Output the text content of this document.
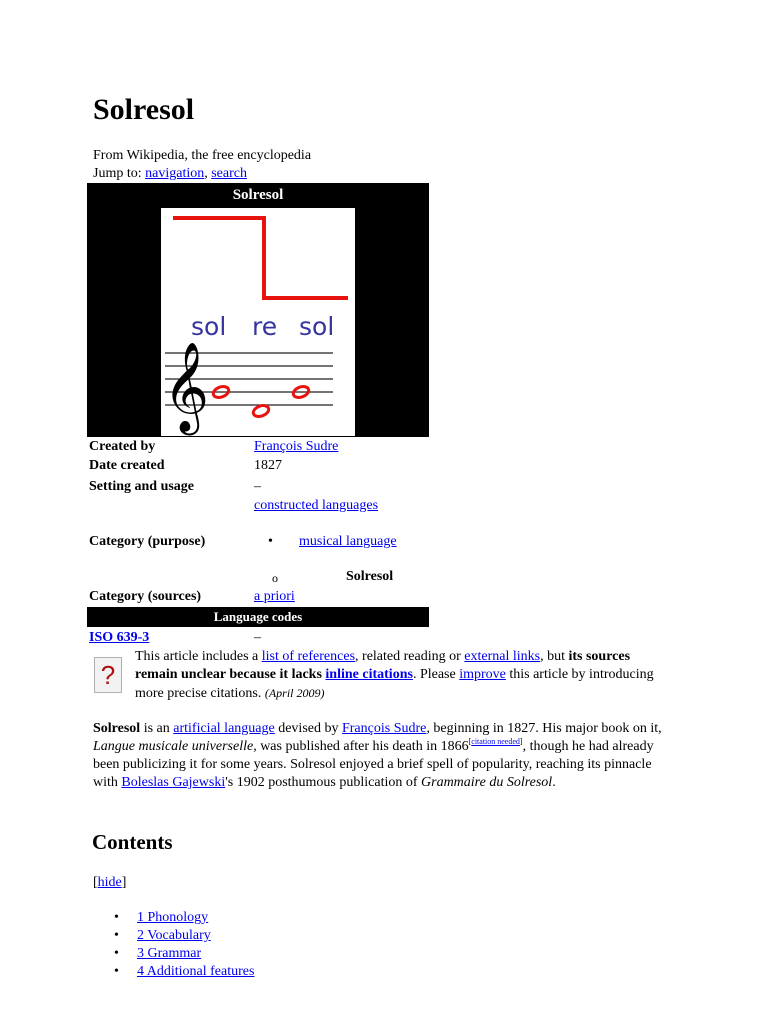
Solresol
From Wikipedia, the free encyclopedia
Jump to: navigation, search
Solresol
sol re sol
𝄞
Created by	François Sudre
Date created	1827
Setting and usage	–
constructed languages
Category (purpose)	• musical language
o	Solresol
Category (sources)	a priori
Language codes
ISO 639-3	–
?
This article includes a list of references, related reading or external links, but its sources remain unclear because it lacks inline citations. Please improve this article by introducing more precise citations. (April 2009)
Solresol is an artificial language devised by François Sudre, beginning in 1827. His major book on it, Langue musicale universelle, was published after his death in 1866[citation needed], though he had already been publicizing it for some years. Solresol enjoyed a brief spell of popularity, reaching its pinnacle with Boleslas Gajewski's 1902 posthumous publication of Grammaire du Solresol.
Contents
[hide]
• 1 Phonology
• 2 Vocabulary
• 3 Grammar
• 4 Additional features
